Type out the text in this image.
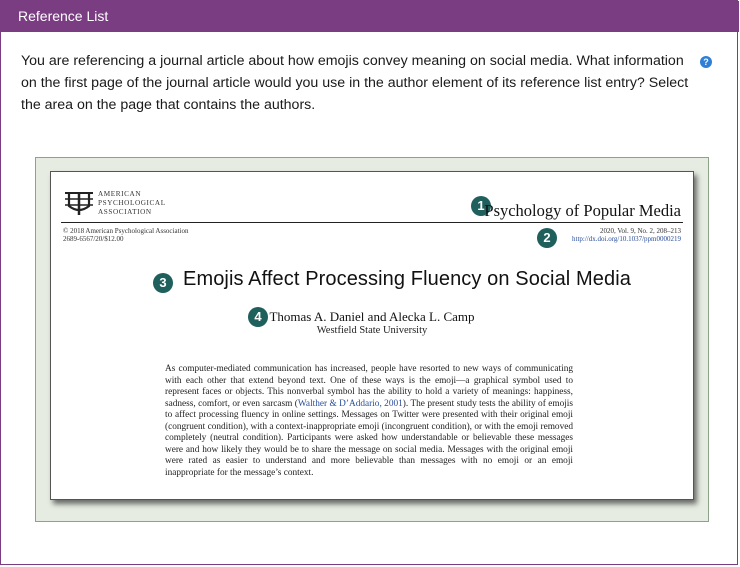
Reference List
You are referencing a journal article about how emojis convey meaning on social media. What information on the first page of the journal article would you use in the author element of its reference list entry? Select the area on the page that contains the authors.
?
AMERICAN
PSYCHOLOGICAL
ASSOCIATION	1 Psychology of Popular Media
© 2018 American Psychological Association
2689-6567/20/$12.00	2	2020, Vol. 9, No. 2, 208–213
http://dx.doi.org/10.1037/ppm0000219
3 Emojis Affect Processing Fluency on Social Media
4 Thomas A. Daniel and Alecka L. Camp
Westfield State University
As computer-mediated communication has increased, people have resorted to new ways of communicating with each other that extend beyond text. One of these ways is the emoji—a graphical symbol used to represent faces or objects. This nonverbal symbol has the ability to hold a variety of meanings: happiness, sadness, comfort, or even sarcasm (Walther & D’Addario, 2001). The present study tests the ability of emojis to affect processing fluency in online settings. Messages on Twitter were presented with their original emoji (congruent condition), with a context-inappropriate emoji (incongruent condition), or with the emoji removed completely (neutral condition). Participants were asked how understandable or believable these messages were and how likely they would be to share the message on social media. Messages with the original emoji were rated as easier to understand and more believable than messages with no emoji or an emoji inappropriate for the message’s context.
